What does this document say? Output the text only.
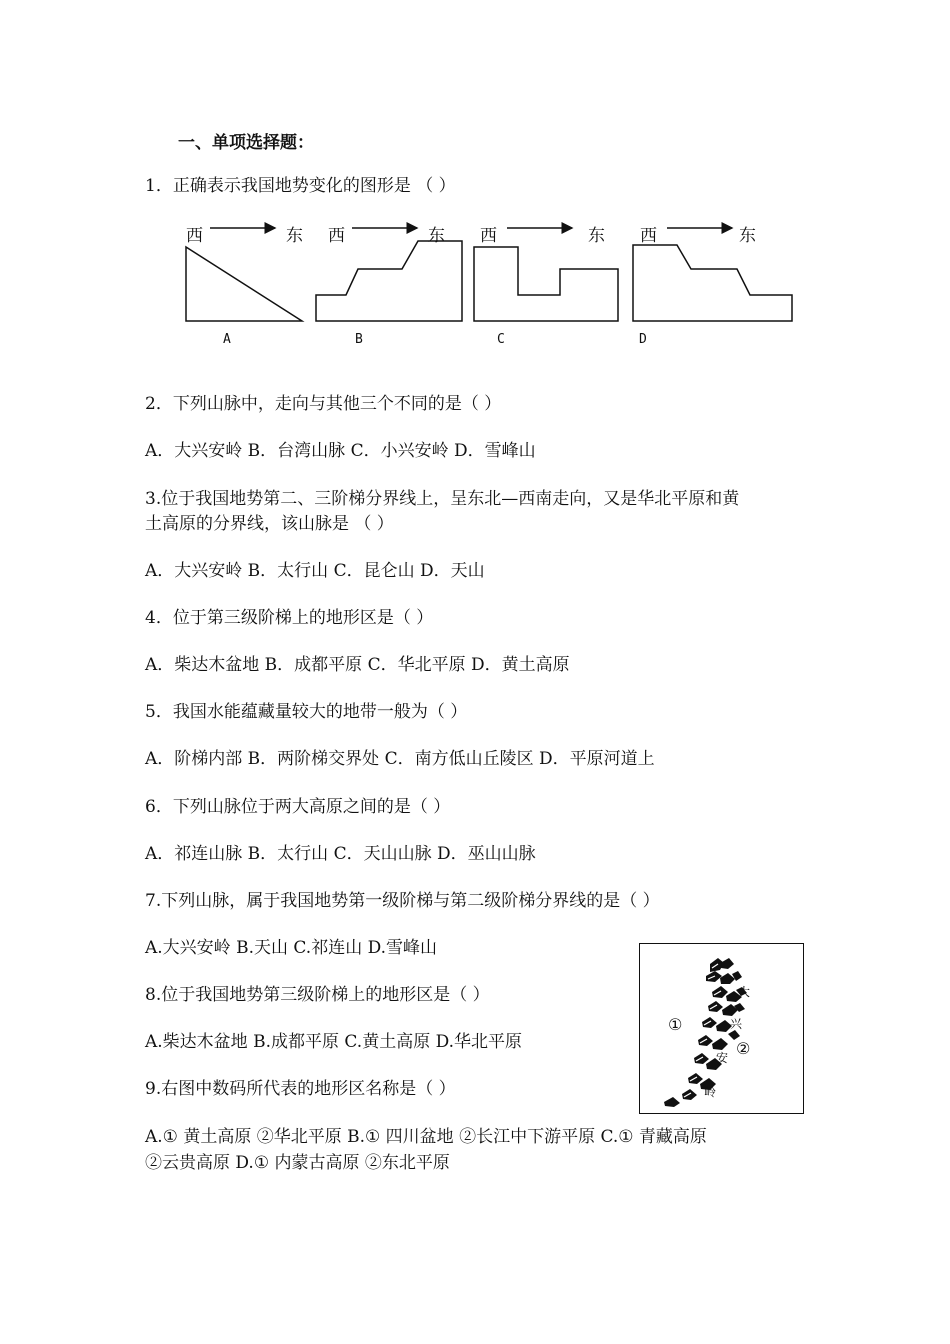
一、单项选择题：
1．正确表示我国地势变化的图形是 （ ）
西	东
A
西	东
B
西	东
C
西	东
D
2．下列山脉中，走向与其他三个不同的是（ ）
A．大兴安岭 B．台湾山脉 C．小兴安岭 D．雪峰山
3.位于我国地势第二、三阶梯分界线上，呈东北—西南走向，又是华北平原和黄
土高原的分界线，该山脉是 （ ）
A．大兴安岭 B．太行山 C．昆仑山 D．天山
4．位于第三级阶梯上的地形区是（ ）
A．柴达木盆地 B．成都平原 C．华北平原 D．黄土高原
5．我国水能蕴藏量较大的地带一般为（ ）
A．阶梯内部 B．两阶梯交界处 C．南方低山丘陵区 D．平原河道上
6．下列山脉位于两大高原之间的是（ ）
A．祁连山脉 B．太行山 C．天山山脉 D．巫山山脉
7.下列山脉，属于我国地势第一级阶梯与第二级阶梯分界线的是（ ）
A.大兴安岭 B.天山 C.祁连山 D.雪峰山
8.位于我国地势第三级阶梯上的地形区是（ ）
A.柴达木盆地 B.成都平原 C.黄土高原 D.华北平原
9.右图中数码所代表的地形区名称是（ ）
A.① 黄土高原 ②华北平原 B.① 四川盆地 ②长江中下游平原 C.① 青藏高原
②云贵高原 D.① 内蒙古高原 ②东北平原
①
②
大
兴
安
岭
